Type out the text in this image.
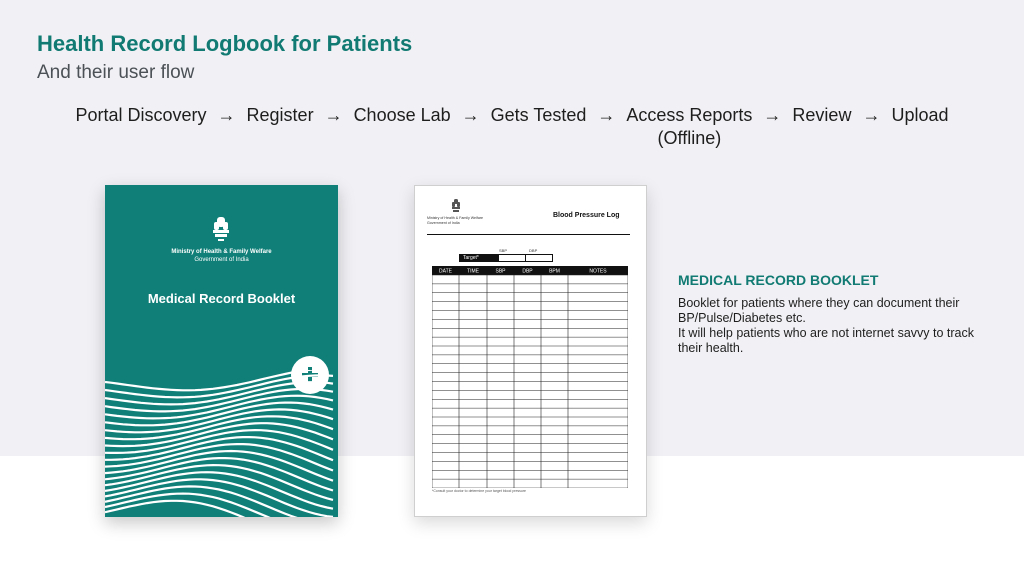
Health Record Logbook for Patients
And their user flow
Portal Discovery → Register → Choose Lab → Gets Tested → Access Reports
(Offline)
→ Review → Upload
Ministry of Health & Family Welfare
Government of India
Medical Record Booklet
Ministry of Health & Family Welfare
Government of India
Blood Pressure Log
SBP	DBP
Target*
DATE	TIME	SBP	DBP	BPM	NOTES
*Consult your doctor to determine your target blood pressure
MEDICAL RECORD BOOKLET
Booklet for patients where they can document their BP/Pulse/Diabetes etc.
It will help patients who are not internet savvy to track their health.
